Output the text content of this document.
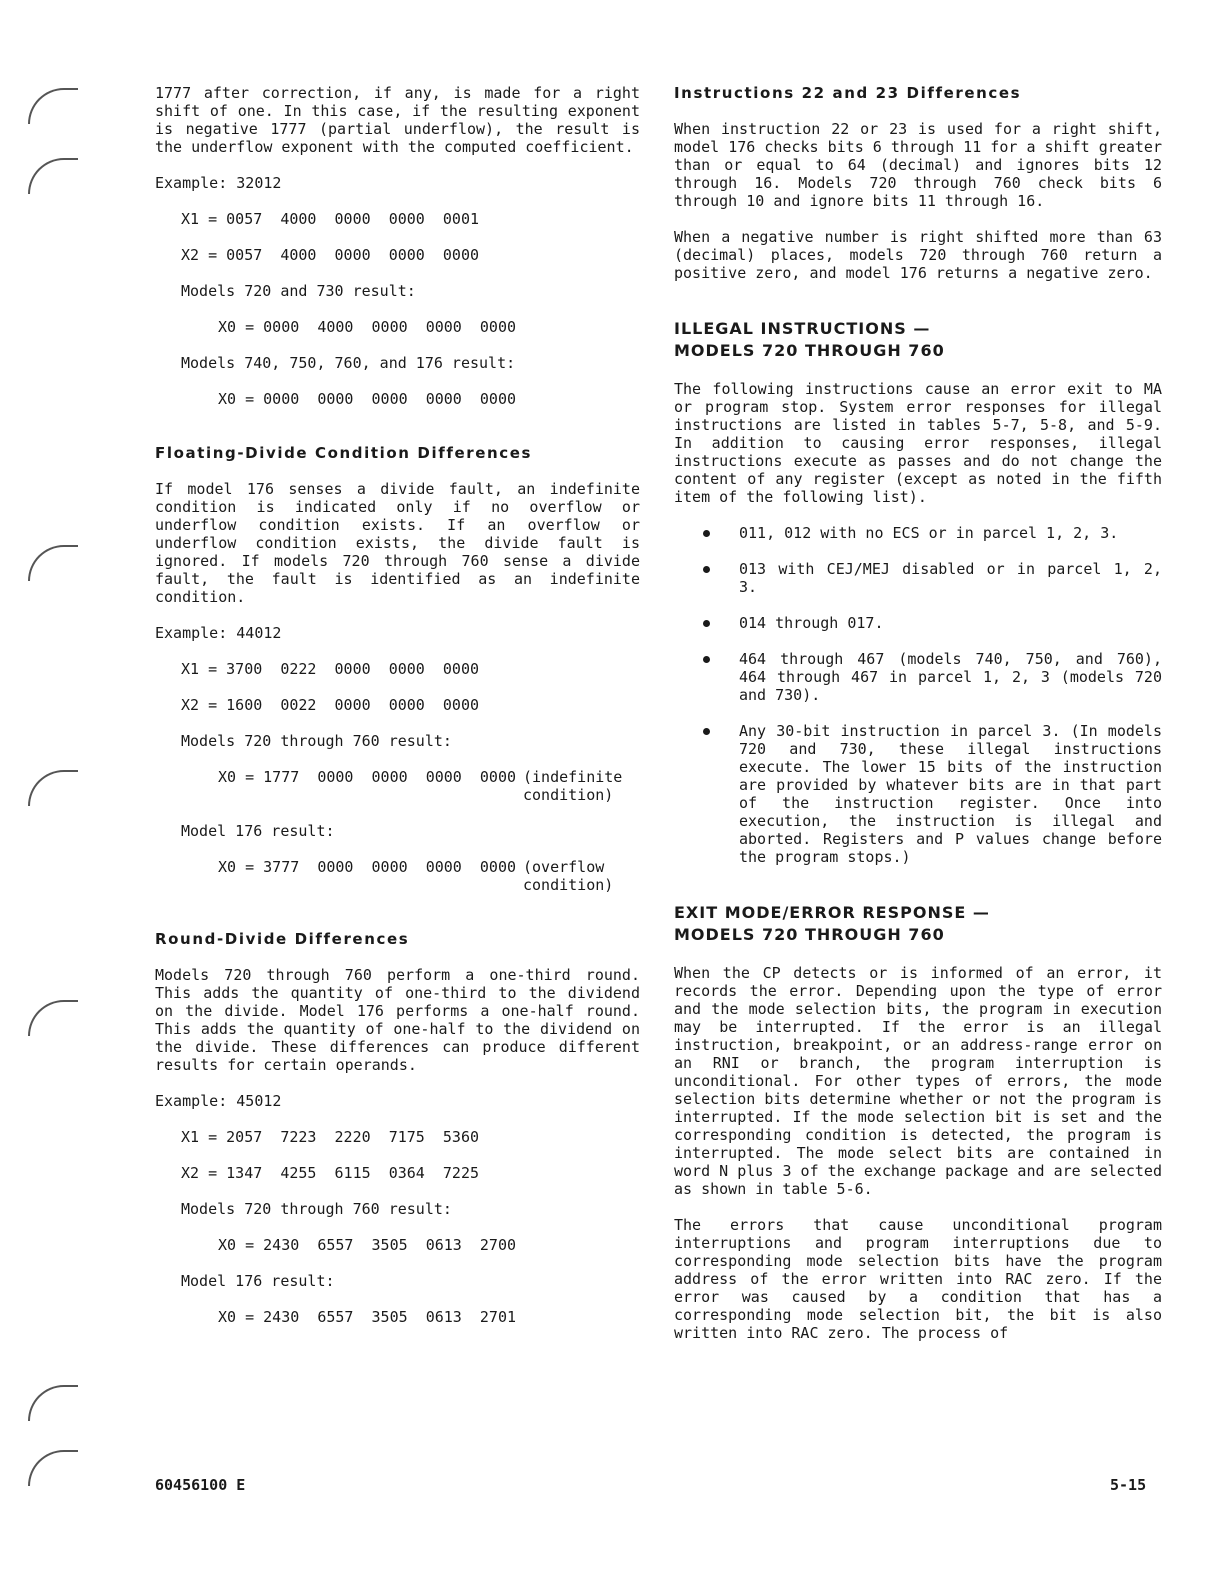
1777 after correction, if any, is made for a right shift of one. In this case, if the resulting exponent is negative 1777 (partial underflow), the result is the underflow exponent with the computed coefficient.

Example: 32012

X1 = 0057  4000  0000  0000  0001
X2 = 0057  4000  0000  0000  0000
Models 720 and 730 result:
X0 = 0000  4000  0000  0000  0000
Models 740, 750, 760, and 176 result:
X0 = 0000  0000  0000  0000  0000
Floating-Divide Condition Differences

If model 176 senses a divide fault, an indefinite condition is indicated only if no overflow or underflow condition exists. If an overflow or underflow condition exists, the divide fault is ignored. If models 720 through 760 sense a divide fault, the fault is identified as an indefinite condition.

Example: 44012

X1 = 3700  0222  0000  0000  0000
X2 = 1600  0022  0000  0000  0000
Models 720 through 760 result:
X0 = 1777  0000  0000  0000  0000 (indefinite condition)
Model 176 result:
X0 = 3777  0000  0000  0000  0000 (overflow condition)
Round-Divide Differences

Models 720 through 760 perform a one-third round. This adds the quantity of one-third to the dividend on the divide. Model 176 performs a one-half round. This adds the quantity of one-half to the dividend on the divide. These differences can produce different results for certain operands.

Example: 45012

X1 = 2057  7223  2220  7175  5360
X2 = 1347  4255  6115  0364  7225
Models 720 through 760 result:
X0 = 2430  6557  3505  0613  2700
Model 176 result:
X0 = 2430  6557  3505  0613  2701
Instructions 22 and 23 Differences

When instruction 22 or 23 is used for a right shift, model 176 checks bits 6 through 11 for a shift greater than or equal to 64 (decimal) and ignores bits 12 through 16. Models 720 through 760 check bits 6 through 10 and ignore bits 11 through 16.

When a negative number is right shifted more than 63 (decimal) places, models 720 through 760 return a positive zero, and model 176 returns a negative zero.

ILLEGAL INSTRUCTIONS —
MODELS 720 THROUGH 760

The following instructions cause an error exit to MA or program stop. System error responses for illegal instructions are listed in tables 5-7, 5-8, and 5-9. In addition to causing error responses, illegal instructions execute as passes and do not change the content of any register (except as noted in the fifth item of the following list).

011, 012 with no ECS or in parcel 1, 2, 3.
013 with CEJ/MEJ disabled or in parcel 1, 2, 3.
014 through 017.
464 through 467 (models 740, 750, and 760), 464 through 467 in parcel 1, 2, 3 (models 720 and 730).
Any 30-bit instruction in parcel 3. (In models 720 and 730, these illegal instructions execute. The lower 15 bits of the instruction are provided by whatever bits are in that part of the instruction register. Once into execution, the instruction is illegal and aborted. Registers and P values change before the program stops.)
EXIT MODE/ERROR RESPONSE —
MODELS 720 THROUGH 760

When the CP detects or is informed of an error, it records the error. Depending upon the type of error and the mode selection bits, the program in execution may be interrupted. If the error is an illegal instruction, breakpoint, or an address-range error on an RNI or branch, the program interruption is unconditional. For other types of errors, the mode selection bits determine whether or not the program is interrupted. If the mode selection bit is set and the corresponding condition is detected, the program is interrupted. The mode select bits are contained in word N plus 3 of the exchange package and are selected as shown in table 5-6.

The errors that cause unconditional program interruptions and program interruptions due to corresponding mode selection bits have the program address of the error written into RAC zero. If the error was caused by a condition that has a corresponding mode selection bit, the bit is also written into RAC zero. The process of

60456100 E	5-15
